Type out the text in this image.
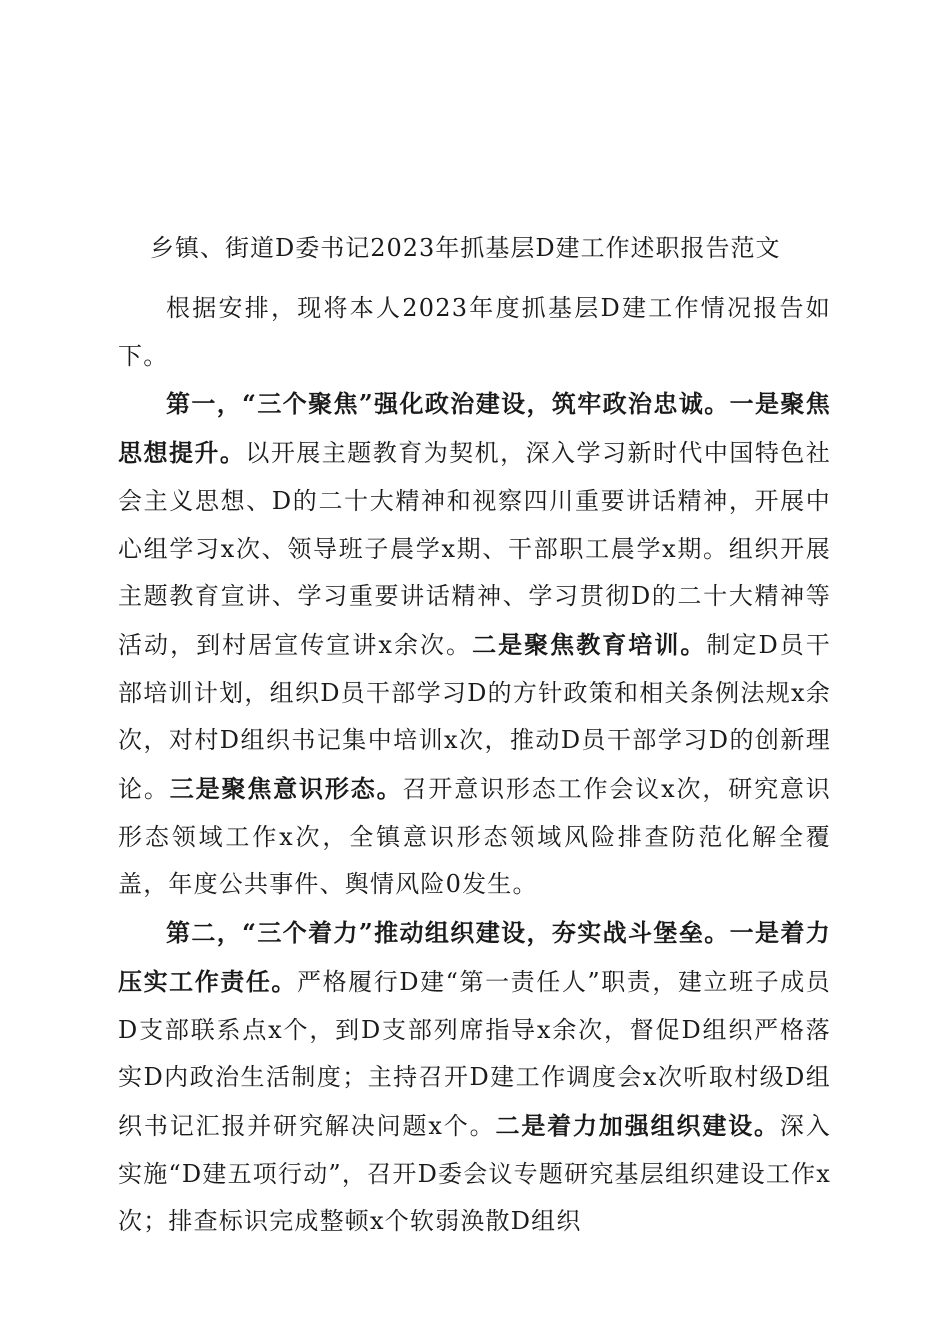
乡镇、街道D委书记2023年抓基层D建工作述职报告范文

根据安排，现将本人2023年度抓基层D建工作情况报告如下。

第一，“三个聚焦”强化政治建设，筑牢政治忠诚。一是聚焦思想提升。以开展主题教育为契机，深入学习新时代中国特色社会主义思想、D的二十大精神和视察四川重要讲话精神，开展中心组学习x次、领导班子晨学x期、干部职工晨学x期。组织开展主题教育宣讲、学习重要讲话精神、学习贯彻D的二十大精神等活动，到村居宣传宣讲x余次。二是聚焦教育培训。制定D员干部培训计划，组织D员干部学习D的方针政策和相关条例法规x余次，对村D组织书记集中培训x次，推动D员干部学习D的创新理论。三是聚焦意识形态。召开意识形态工作会议x次，研究意识形态领域工作x次，全镇意识形态领域风险排查防范化解全覆盖，年度公共事件、舆情风险0发生。

第二，“三个着力”推动组织建设，夯实战斗堡垒。一是着力压实工作责任。严格履行D建“第一责任人”职责，建立班子成员D支部联系点x个，到D支部列席指导x余次，督促D组织严格落实D内政治生活制度；主持召开D建工作调度会x次听取村级D组织书记汇报并研究解决问题x个。二是着力加强组织建设。深入实施“D建五项行动”，召开D委会议专题研究基层组织建设工作x次；排查标识完成整顿x个软弱涣散D组织
